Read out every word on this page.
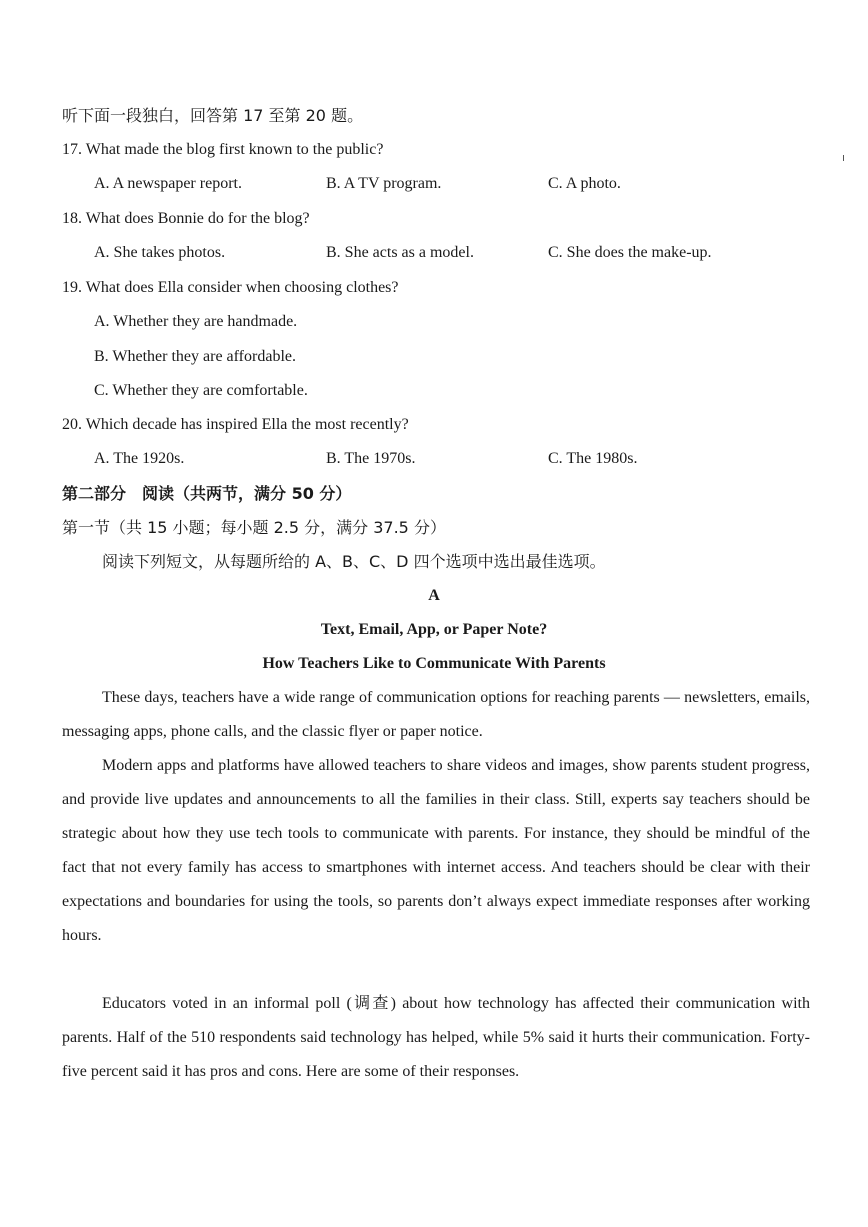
听下面一段独白，回答第 17 至第 20 题。
17. What made the blog first known to the public?
A. A newspaper report.	B. A TV program.	C. A photo.
18. What does Bonnie do for the blog?
A. She takes photos.	B. She acts as a model.	C. She does the make-up.
19. What does Ella consider when choosing clothes?
A. Whether they are handmade.
B. Whether they are affordable.
C. Whether they are comfortable.
20. Which decade has inspired Ella the most recently?
A. The 1920s.	B. The 1970s.	C. The 1980s.
第二部分　阅读（共两节，满分 50 分）
第一节（共 15 小题；每小题 2.5 分，满分 37.5 分）
阅读下列短文，从每题所给的 A、B、C、D 四个选项中选出最佳选项。
A
Text, Email, App, or Paper Note?
How Teachers Like to Communicate With Parents
These days, teachers have a wide range of communication options for reaching parents — newsletters, emails, messaging apps, phone calls, and the classic flyer or paper notice.
Modern apps and platforms have allowed teachers to share videos and images, show parents student progress, and provide live updates and announcements to all the families in their class. Still, experts say teachers should be strategic about how they use tech tools to communicate with parents. For instance, they should be mindful of the fact that not every family has access to smartphones with internet access. And teachers should be clear with their expectations and boundaries for using the tools, so parents don’t always expect immediate responses after working hours.
Educators voted in an informal poll (调查) about how technology has affected their communication with parents. Half of the 510 respondents said technology has helped, while 5% said it hurts their communication. Forty-five percent said it has pros and cons. Here are some of their responses.
